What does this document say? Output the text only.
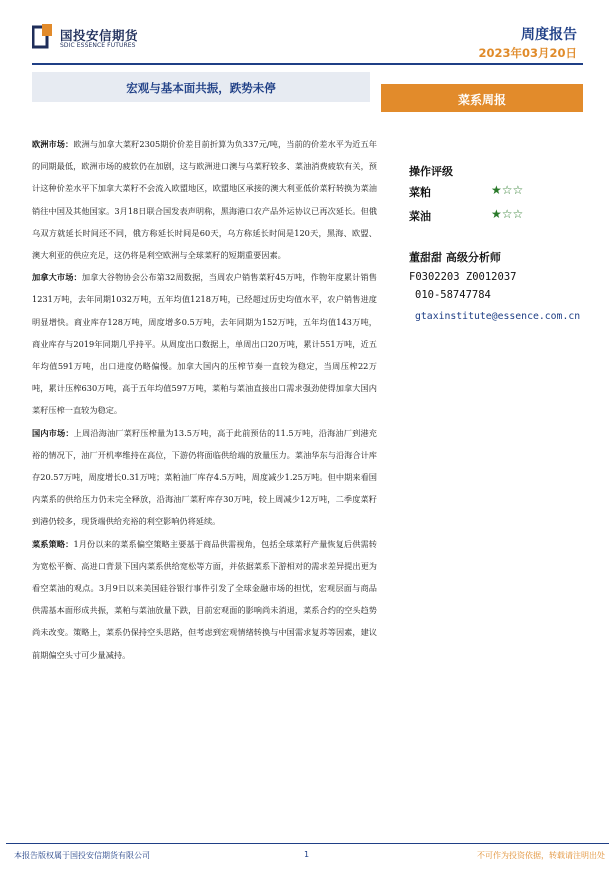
国投安信期货
SDIC ESSENCE FUTURES
周度报告
2023年03月20日
宏观与基本面共振，跌势未停
菜系周报

欧洲市场：欧洲与加拿大菜籽2305期价价差目前折算为负337元/吨，当前的价差水平为近五年的同期最低，欧洲市场的疲软仍在加剧，这与欧洲进口澳与乌菜籽较多、菜油消费疲软有关，预计这种价差水平下加拿大菜籽不会流入欧盟地区，欧盟地区承接的澳大利亚低价菜籽转换为菜油销往中国及其他国家。3月18日联合国发表声明称，黑海港口农产品外运协议已再次延长。但俄乌双方就延长时间还不同，俄方称延长时间是60天，乌方称延长时间是120天，黑海、欧盟、澳大利亚的供应充足，这仍将是利空欧洲与全球菜籽的短期重要因素。

加拿大市场：加拿大谷物协会公布第32周数据，当周农户销售菜籽45万吨，作物年度累计销售1231万吨，去年同期1032万吨，五年均值1218万吨，已经超过历史均值水平，农户销售进度明显增快。商业库存128万吨，周度增多0.5万吨，去年同期为152万吨，五年均值143万吨，商业库存与2019年同期几乎持平。从周度出口数据上，单周出口20万吨，累计551万吨，近五年均值591万吨，出口进度仍略偏慢。加拿大国内的压榨节奏一直较为稳定，当周压榨22万吨，累计压榨630万吨，高于五年均值597万吨，菜粕与菜油直接出口需求强劲使得加拿大国内菜籽压榨一直较为稳定。

国内市场：上周沿海油厂菜籽压榨量为13.5万吨，高于此前预估的11.5万吨，沿海油厂到港充裕的情况下，油厂开机率维持在高位，下游仍将面临供给端的放量压力。菜油华东与沿海合计库存20.57万吨，周度增长0.31万吨；菜粕油厂库存4.5万吨，周度减少1.25万吨。但中期来看国内菜系的供给压力仍未完全释放，沿海油厂菜籽库存30万吨，较上周减少12万吨，二季度菜籽到港仍较多，现货端供给充裕的利空影响仍将延续。

菜系策略：1月份以来的菜系偏空策略主要基于商品供需视角，包括全球菜籽产量恢复后供需转为宽松平衡、高进口背景下国内菜系供给宽松等方面，并依据菜系下游相对的需求差异提出更为看空菜油的观点。3月9日以来美国硅谷银行事件引发了全球金融市场的担忧，宏观层面与商品供需基本面形成共振，菜粕与菜油放量下跌，目前宏观面的影响尚未消退，菜系合约的空头趋势尚未改变。策略上，菜系仍保持空头思路，但考虑到宏观情绪转换与中国需求复苏等因素，建议前期偏空头寸可少量减持。

操作评级
菜粕	★☆☆
菜油	★☆☆
董甜甜 高级分析师
F0302203 Z0012037
010-58747784
gtaxinstitute@essence.com.cn
本报告版权属于国投安信期货有限公司	1	不可作为投资依据，转载请注明出处
